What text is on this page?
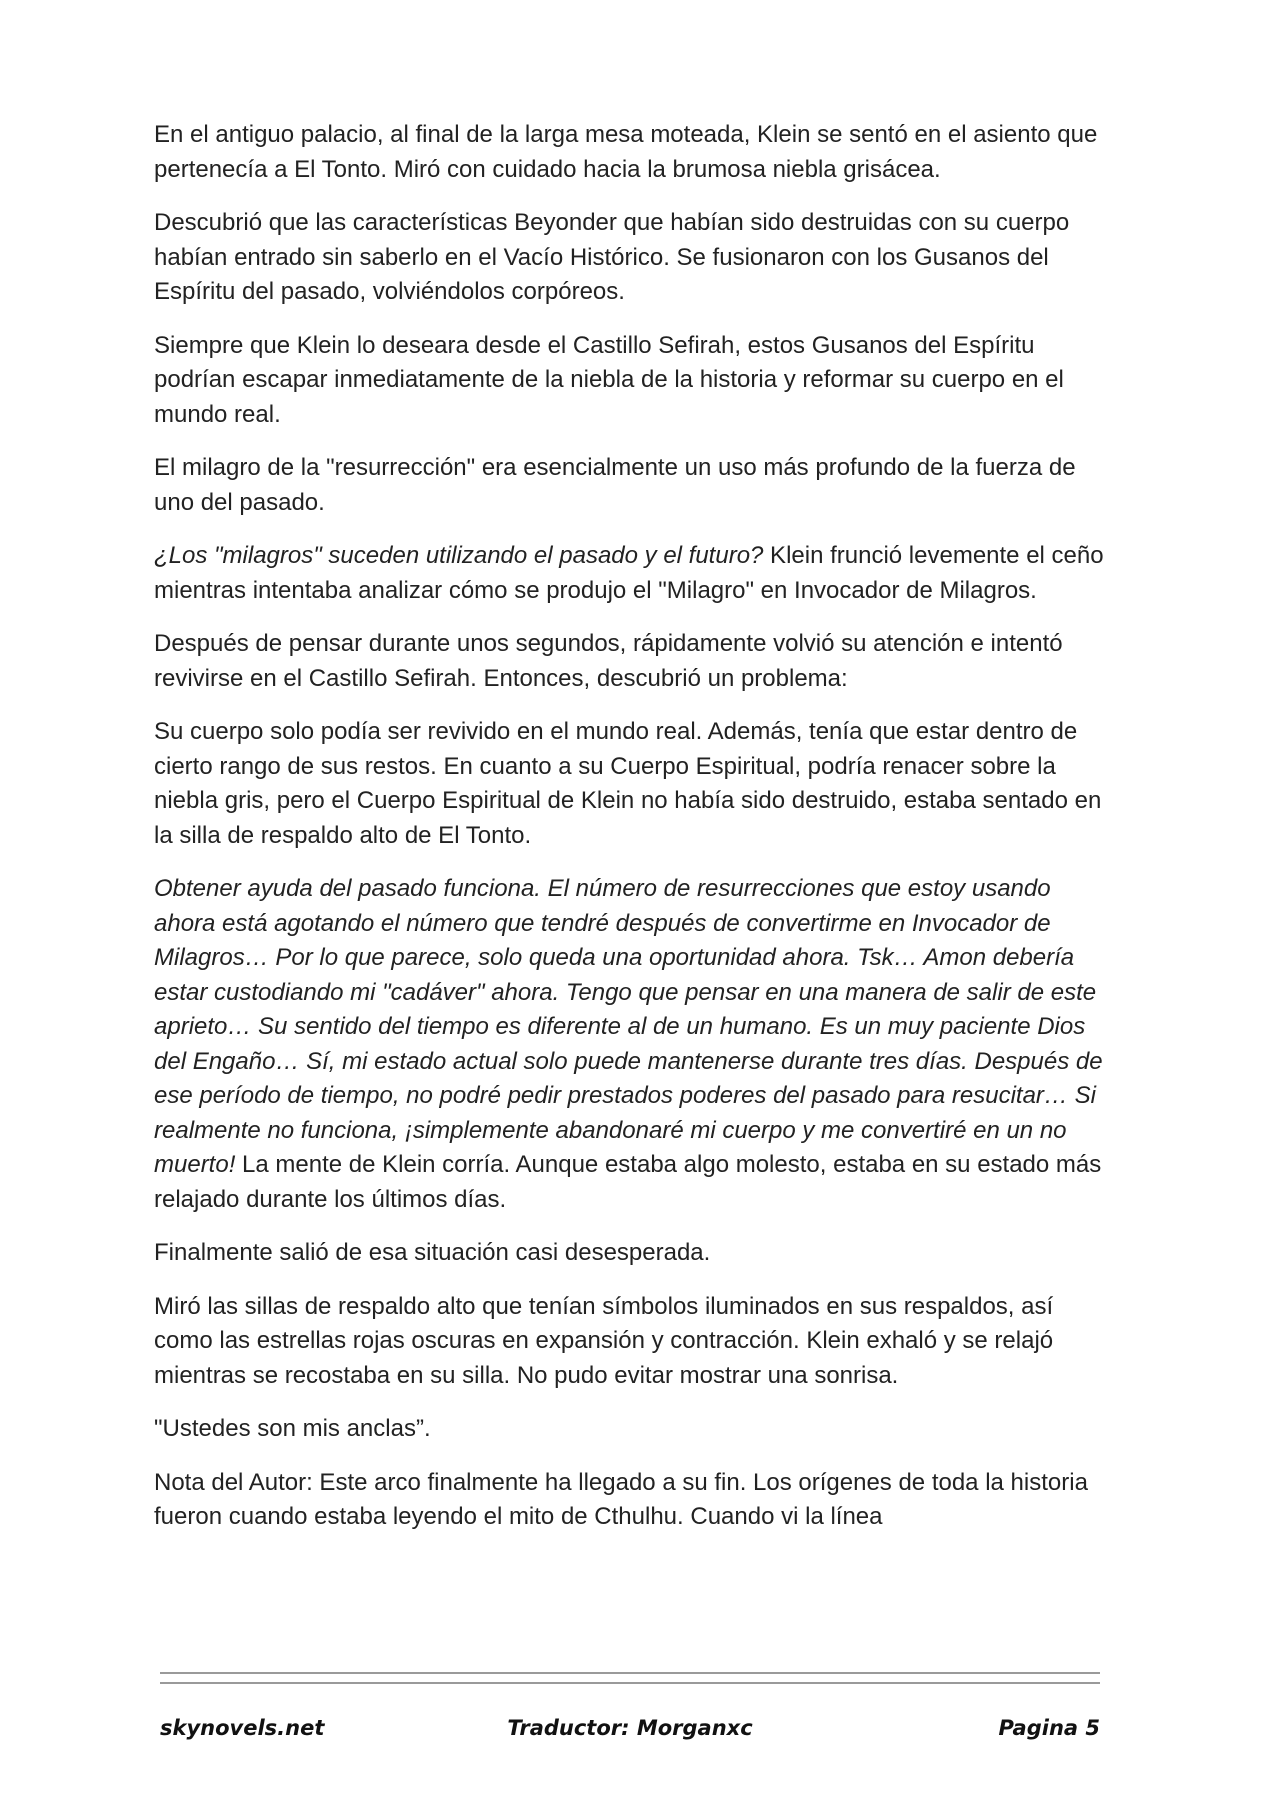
En el antiguo palacio, al final de la larga mesa moteada, Klein se sentó en el asiento que pertenecía a El Tonto. Miró con cuidado hacia la brumosa niebla grisácea.

Descubrió que las características Beyonder que habían sido destruidas con su cuerpo habían entrado sin saberlo en el Vacío Histórico. Se fusionaron con los Gusanos del Espíritu del pasado, volviéndolos corpóreos.

Siempre que Klein lo deseara desde el Castillo Sefirah, estos Gusanos del Espíritu podrían escapar inmediatamente de la niebla de la historia y reformar su cuerpo en el mundo real.

El milagro de la "resurrección" era esencialmente un uso más profundo de la fuerza de uno del pasado.

¿Los "milagros" suceden utilizando el pasado y el futuro? Klein frunció levemente el ceño mientras intentaba analizar cómo se produjo el "Milagro" en Invocador de Milagros.

Después de pensar durante unos segundos, rápidamente volvió su atención e intentó revivirse en el Castillo Sefirah. Entonces, descubrió un problema:

Su cuerpo solo podía ser revivido en el mundo real. Además, tenía que estar dentro de cierto rango de sus restos. En cuanto a su Cuerpo Espiritual, podría renacer sobre la niebla gris, pero el Cuerpo Espiritual de Klein no había sido destruido, estaba sentado en la silla de respaldo alto de El Tonto.

Obtener ayuda del pasado funciona. El número de resurrecciones que estoy usando ahora está agotando el número que tendré después de convertirme en Invocador de Milagros… Por lo que parece, solo queda una oportunidad ahora. Tsk… Amon debería estar custodiando mi "cadáver" ahora. Tengo que pensar en una manera de salir de este aprieto… Su sentido del tiempo es diferente al de un humano. Es un muy paciente Dios del Engaño… Sí, mi estado actual solo puede mantenerse durante tres días. Después de ese período de tiempo, no podré pedir prestados poderes del pasado para resucitar… Si realmente no funciona, ¡simplemente abandonaré mi cuerpo y me convertiré en un no muerto! La mente de Klein corría. Aunque estaba algo molesto, estaba en su estado más relajado durante los últimos días.

Finalmente salió de esa situación casi desesperada.

Miró las sillas de respaldo alto que tenían símbolos iluminados en sus respaldos, así como las estrellas rojas oscuras en expansión y contracción. Klein exhaló y se relajó mientras se recostaba en su silla. No pudo evitar mostrar una sonrisa.

"Ustedes son mis anclas”.

Nota del Autor: Este arco finalmente ha llegado a su fin. Los orígenes de toda la historia fueron cuando estaba leyendo el mito de Cthulhu. Cuando vi la línea

skynovels.net	Traductor: Morganxc	Pagina 5
